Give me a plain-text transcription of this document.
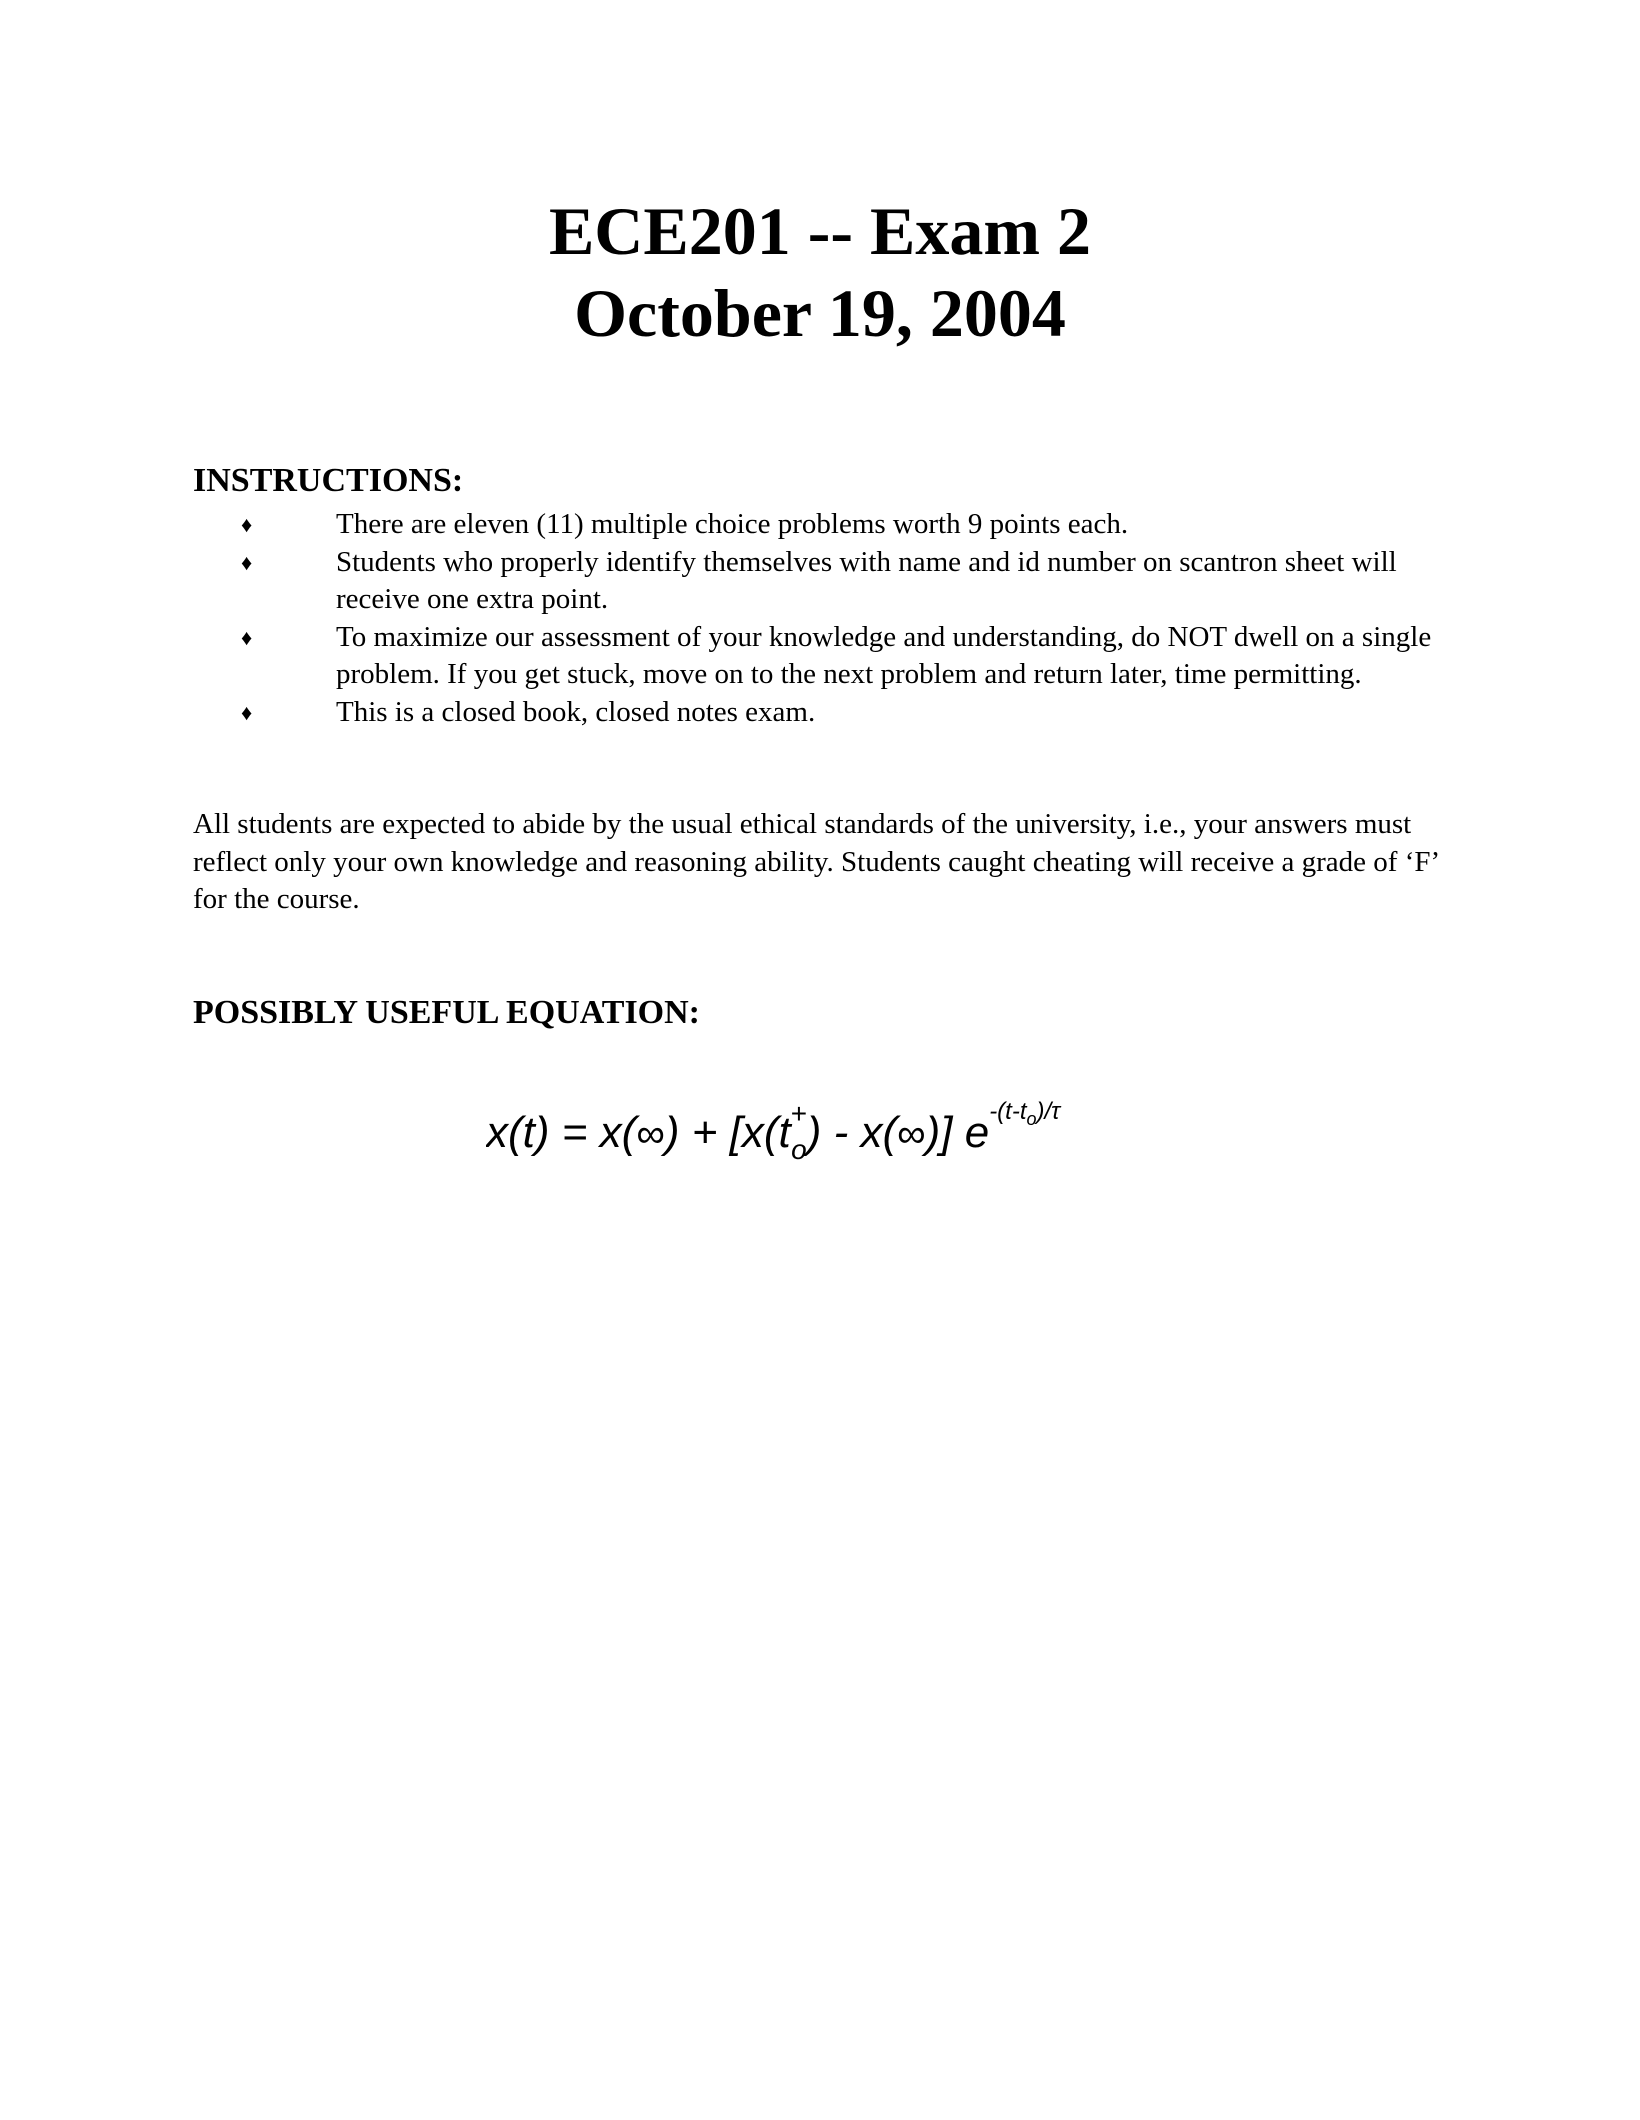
ECE201 -- Exam 2
October 19, 2004
INSTRUCTIONS:
♦	There are eleven (11) multiple choice problems worth 9 points each.
♦	Students who properly identify themselves with name and id number on scantron sheet will receive one extra point.
♦	To maximize our assessment of your knowledge and understanding, do NOT dwell on a single problem. If you get stuck, move on to the next problem and return later, time permitting.
♦	This is a closed book, closed notes exam.

All students are expected to abide by the usual ethical standards of the university, i.e., your answers must reflect only your own knowledge and reasoning ability. Students caught cheating will receive a grade of ‘F’ for the course.

POSSIBLY USEFUL EQUATION:
x(t) = x(∞) + [x(t+ o) - x(∞)] $e^{-(t-t}o)/\tau$
